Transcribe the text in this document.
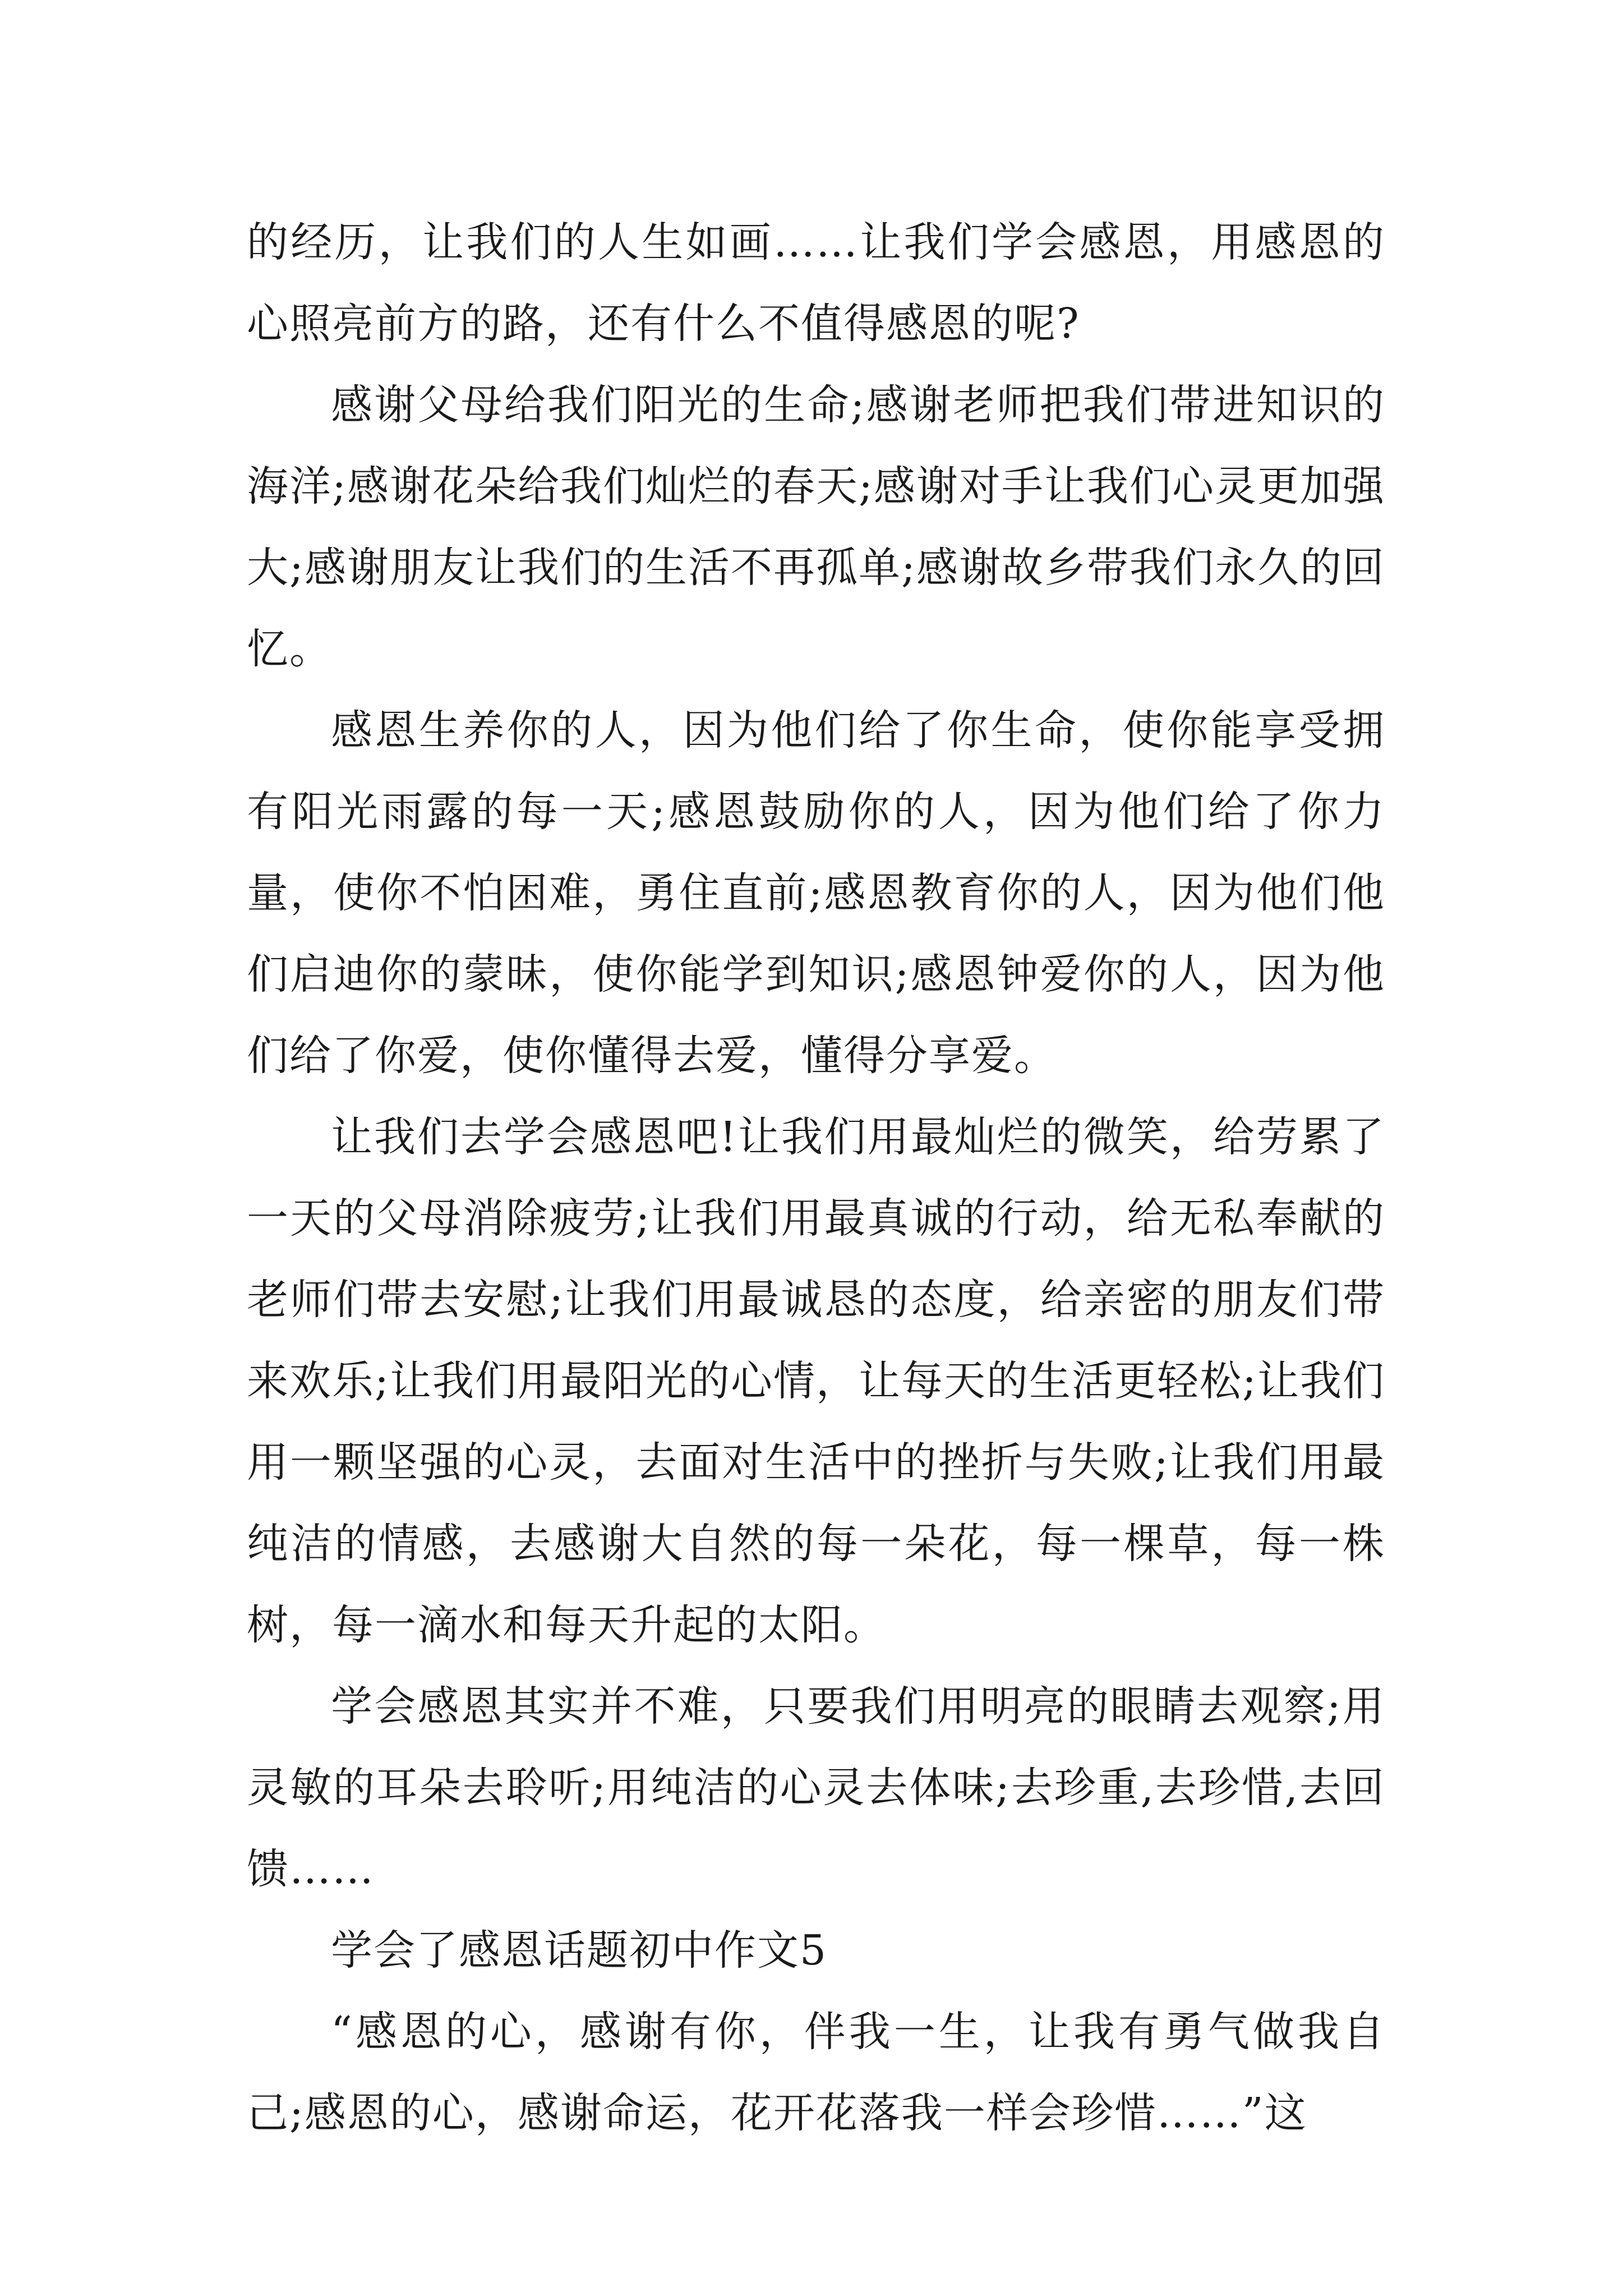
的经历，让我们的人生如画……让我们学会感恩，用感恩的心照亮前方的路，还有什么不值得感恩的呢?

感谢父母给我们阳光的生命;感谢老师把我们带进知识的海洋;感谢花朵给我们灿烂的春天;感谢对手让我们心灵更加强大;感谢朋友让我们的生活不再孤单;感谢故乡带我们永久的回忆。

感恩生养你的人，因为他们给了你生命，使你能享受拥有阳光雨露的每一天;感恩鼓励你的人，因为他们给了你力量，使你不怕困难，勇住直前;感恩教育你的人，因为他们他们启迪你的蒙昧，使你能学到知识;感恩钟爱你的人，因为他们给了你爱，使你懂得去爱，懂得分享爱。

让我们去学会感恩吧!让我们用最灿烂的微笑，给劳累了一天的父母消除疲劳;让我们用最真诚的行动，给无私奉献的老师们带去安慰;让我们用最诚恳的态度，给亲密的朋友们带来欢乐;让我们用最阳光的心情，让每天的生活更轻松;让我们用一颗坚强的心灵，去面对生活中的挫折与失败;让我们用最纯洁的情感，去感谢大自然的每一朵花，每一棵草，每一株树，每一滴水和每天升起的太阳。

学会感恩其实并不难，只要我们用明亮的眼睛去观察;用灵敏的耳朵去聆听;用纯洁的心灵去体味;去珍重,去珍惜,去回馈……

学会了感恩话题初中作文5

“感恩的心，感谢有你，伴我一生，让我有勇气做我自己;感恩的心，感谢命运，花开花落我一样会珍惜……”这
